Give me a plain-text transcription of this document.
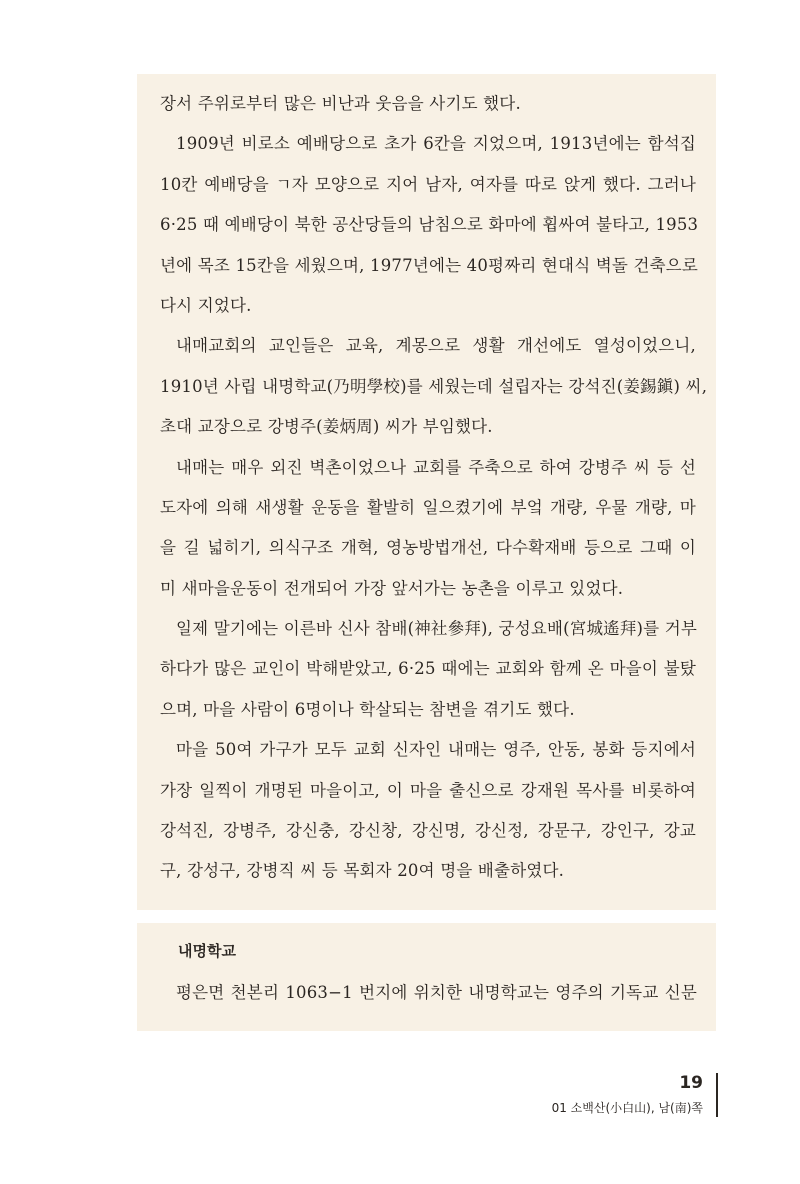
장서 주위로부터 많은 비난과 웃음을 사기도 했다.
1909년 비로소 예배당으로 초가 6칸을 지었으며, 1913년에는 함석집
10칸 예배당을 ㄱ자 모양으로 지어 남자, 여자를 따로 앉게 했다. 그러나
6·25 때 예배당이 북한 공산당들의 남침으로 화마에 휩싸여 불타고, 1953
년에 목조 15칸을 세웠으며, 1977년에는 40평짜리 현대식 벽돌 건축으로
다시 지었다.
내매교회의 교인들은 교육, 계몽으로 생활 개선에도 열성이었으니,
1910년 사립 내명학교(乃明學校)를 세웠는데 설립자는 강석진(姜錫鎭) 씨,
초대 교장으로 강병주(姜炳周) 씨가 부임했다.
내매는 매우 외진 벽촌이었으나 교회를 주축으로 하여 강병주 씨 등 선
도자에 의해 새생활 운동을 활발히 일으켰기에 부엌 개량, 우물 개량, 마
을 길 넓히기, 의식구조 개혁, 영농방법개선, 다수확재배 등으로 그때 이
미 새마을운동이 전개되어 가장 앞서가는 농촌을 이루고 있었다.
일제 말기에는 이른바 신사 참배(神社參拜), 궁성요배(宮城遙拜)를 거부
하다가 많은 교인이 박해받았고, 6·25 때에는 교회와 함께 온 마을이 불탔
으며, 마을 사람이 6명이나 학살되는 참변을 겪기도 했다.
마을 50여 가구가 모두 교회 신자인 내매는 영주, 안동, 봉화 등지에서
가장 일찍이 개명된 마을이고, 이 마을 출신으로 강재원 목사를 비롯하여
강석진, 강병주, 강신충, 강신창, 강신명, 강신정, 강문구, 강인구, 강교
구, 강성구, 강병직 씨 등 목회자 20여 명을 배출하였다.
내명학교
평은면 천본리 1063−1 번지에 위치한 내명학교는 영주의 기독교 신문
19
01 소백산(小白山), 남(南)쪽
